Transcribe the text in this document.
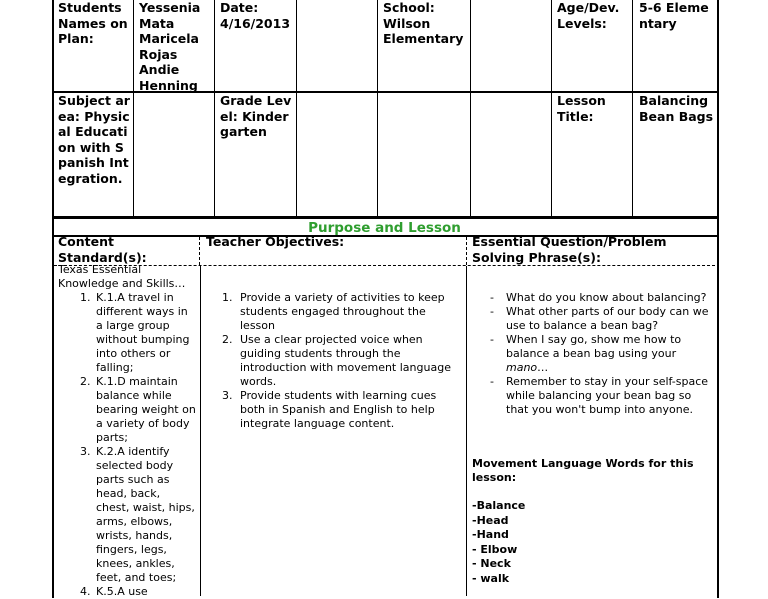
Students Names on Plan:
Yessenia
Mata
Maricela
Rojas
Andie
Henning
Date:
4/16/2013
School:
Wilson Elementary
Age/Dev. Levels:
5-6 Elementary
Subject area: Physical Education with Spanish Integration.
Grade Level: Kindergarten
Lesson Title:
Balancing Bean Bags
Purpose and Lesson
Content Standard(s):
Teacher Objectives:	Essential Question/Problem Solving Phrase(s):
Texas Essential Knowledge and Skills…
1. K.1.A travel in different ways in a large group without bumping into others or falling;
2. K.1.D maintain balance while bearing weight on a variety of body parts;
3. K.2.A identify selected body parts such as head, back, chest, waist, hips, arms, elbows, wrists, hands, fingers, legs, knees, ankles, feet, and toes;
4. K.5.A use
1. Provide a variety of activities to keep students engaged throughout the lesson
2. Use a clear projected voice when guiding students through the introduction with movement language words.
3. Provide students with learning cues both in Spanish and English to help integrate language content.
- What do you know about balancing?
- What other parts of our body can we use to balance a bean bag?
- When I say go, show me how to balance a bean bag using your mano…
- Remember to stay in your self-space while balancing your bean bag so that you won't bump into anyone.
Movement Language Words for this lesson:
-Balance
-Head
-Hand
- Elbow
- Neck
- walk
